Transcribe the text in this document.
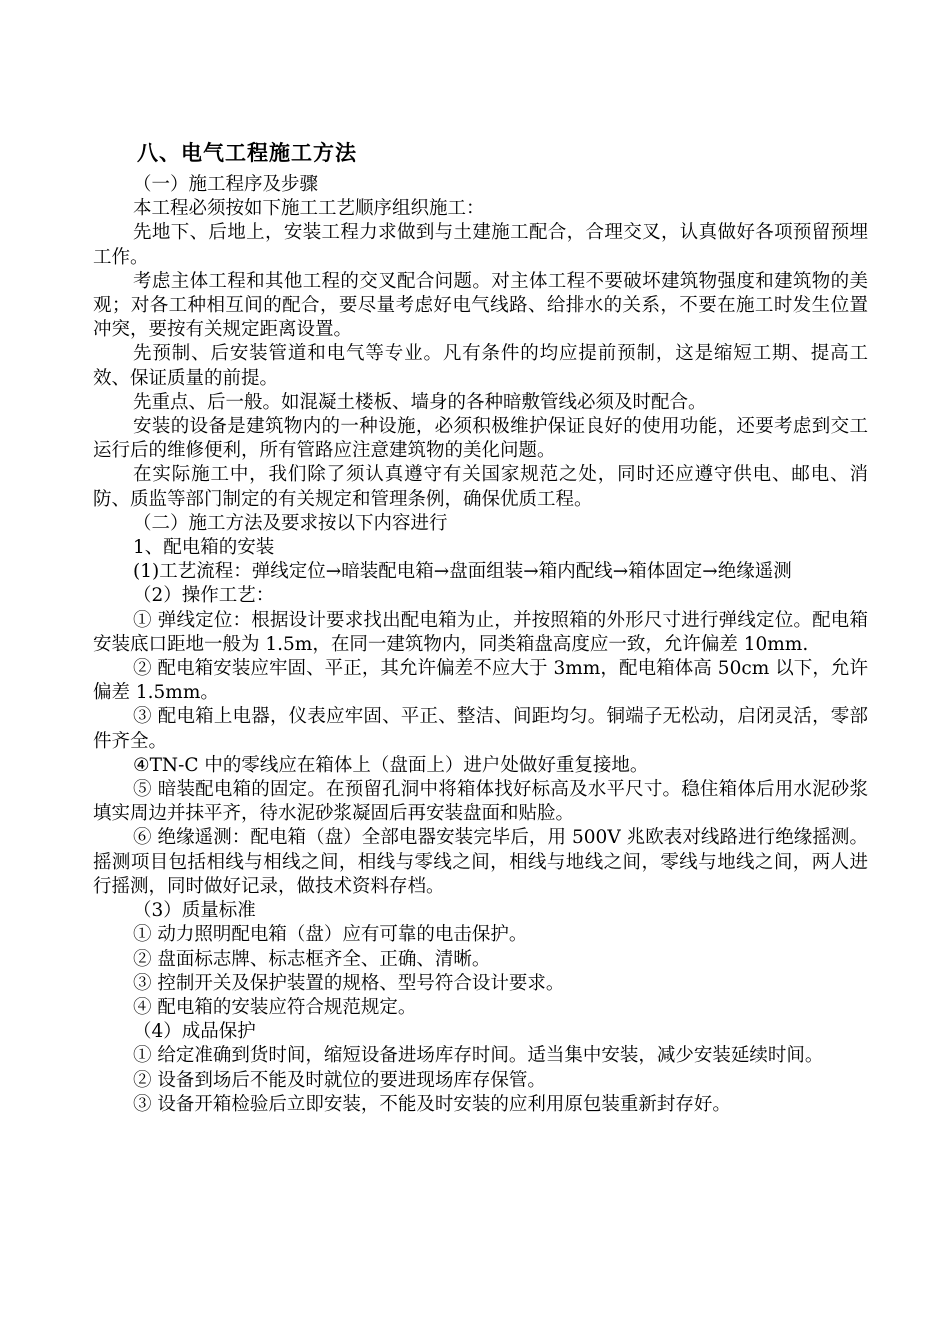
八、电气工程施工方法

（一）施工程序及步骤

本工程必须按如下施工工艺顺序组织施工：

先地下、后地上，安装工程力求做到与土建施工配合，合理交叉，认真做好各项预留预埋工作。

考虑主体工程和其他工程的交叉配合问题。对主体工程不要破坏建筑物强度和建筑物的美观；对各工种相互间的配合，要尽量考虑好电气线路、给排水的关系，不要在施工时发生位置冲突，要按有关规定距离设置。

先预制、后安装管道和电气等专业。凡有条件的均应提前预制，这是缩短工期、提高工效、保证质量的前提。

先重点、后一般。如混凝土楼板、墙身的各种暗敷管线必须及时配合。

安装的设备是建筑物内的一种设施，必须积极维护保证良好的使用功能，还要考虑到交工运行后的维修便利，所有管路应注意建筑物的美化问题。

在实际施工中，我们除了须认真遵守有关国家规范之处，同时还应遵守供电、邮电、消防、质监等部门制定的有关规定和管理条例，确保优质工程。

（二）施工方法及要求按以下内容进行

1、配电箱的安装

(1)工艺流程：弹线定位→暗装配电箱→盘面组装→箱内配线→箱体固定→绝缘遥测

（2）操作工艺：

① 弹线定位：根据设计要求找出配电箱为止，并按照箱的外形尺寸进行弹线定位。配电箱安装底口距地一般为 1.5m，在同一建筑物内，同类箱盘高度应一致，允许偏差 10mm.

② 配电箱安装应牢固、平正，其允许偏差不应大于 3mm，配电箱体高 50cm 以下，允许偏差 1.5mm。

③ 配电箱上电器，仪表应牢固、平正、整洁、间距均匀。铜端子无松动，启闭灵活，零部件齐全。

④TN-C 中的零线应在箱体上（盘面上）进户处做好重复接地。

⑤ 暗装配电箱的固定。在预留孔洞中将箱体找好标高及水平尺寸。稳住箱体后用水泥砂浆填实周边并抹平齐，待水泥砂浆凝固后再安装盘面和贴脸。

⑥ 绝缘遥测：配电箱（盘）全部电器安装完毕后，用 500V 兆欧表对线路进行绝缘摇测。摇测项目包括相线与相线之间，相线与零线之间，相线与地线之间，零线与地线之间，两人进行摇测，同时做好记录，做技术资料存档。

（3）质量标准

① 动力照明配电箱（盘）应有可靠的电击保护。

② 盘面标志牌、标志框齐全、正确、清晰。

③ 控制开关及保护装置的规格、型号符合设计要求。

④ 配电箱的安装应符合规范规定。

（4）成品保护

① 给定准确到货时间，缩短设备进场库存时间。适当集中安装，减少安装延续时间。

② 设备到场后不能及时就位的要进现场库存保管。

③ 设备开箱检验后立即安装，不能及时安装的应利用原包装重新封存好。
